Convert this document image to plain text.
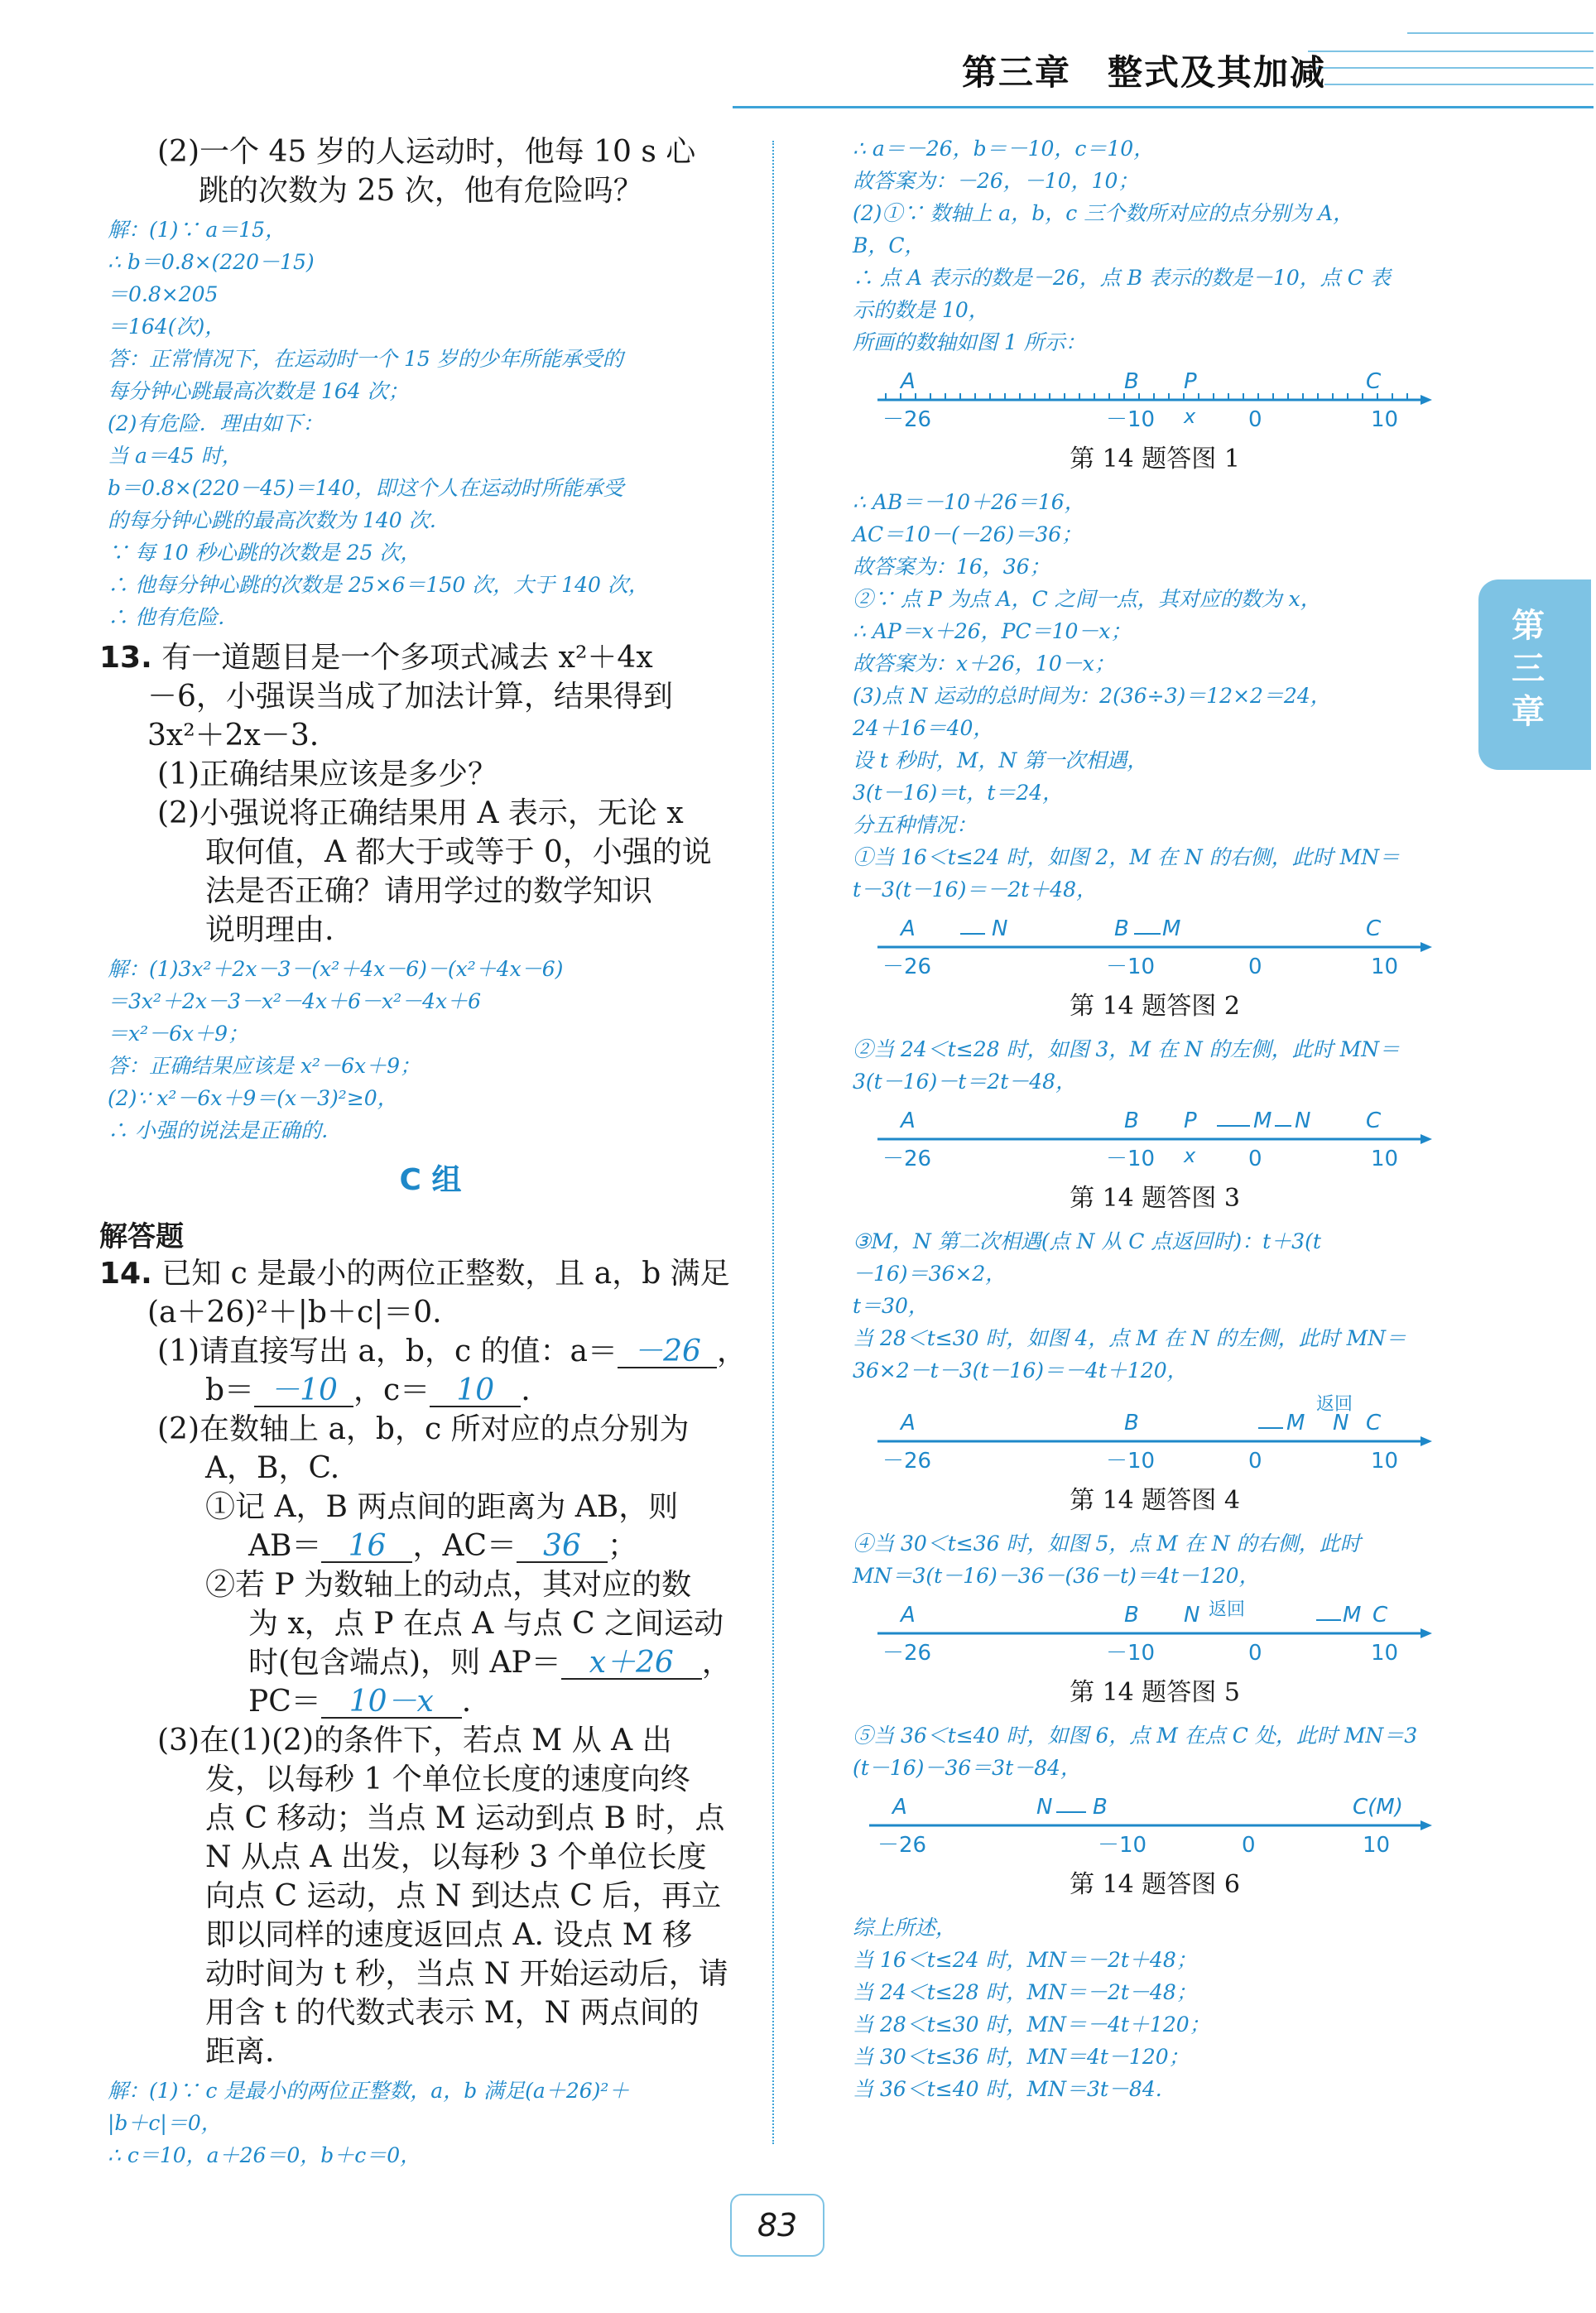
第三章　整式及其加减

(2)一个 45 岁的人运动时，他每 10 s 心

跳的次数为 25 次，他有危险吗？

解：(1)∵ a＝15，

∴ b＝0.8×(220－15)

＝0.8×205

＝164(次)，

答：正常情况下，在运动时一个 15 岁的少年所能承受的

每分钟心跳最高次数是 164 次；

(2)有危险．理由如下：

当 a＝45 时，

b＝0.8×(220－45)＝140，即这个人在运动时所能承受

的每分钟心跳的最高次数为 140 次．

∵ 每 10 秒心跳的次数是 25 次，

∴ 他每分钟心跳的次数是 25×6＝150 次，大于 140 次，

∴ 他有危险．

13. 有一道题目是一个多项式减去 x²＋4x

－6，小强误当成了加法计算，结果得到

3x²＋2x－3.

(1)正确结果应该是多少？

(2)小强说将正确结果用 A 表示，无论 x

取何值，A 都大于或等于 0，小强的说

法是否正确？请用学过的数学知识

说明理由.

解：(1)3x²＋2x－3－(x²＋4x－6)－(x²＋4x－6)

＝3x²＋2x－3－x²－4x＋6－x²－4x＋6

＝x²－6x＋9；

答：正确结果应该是 x²－6x＋9；

(2)∵ x²－6x＋9＝(x－3)²≥0，

∴ 小强的说法是正确的．

C 组

解答题

14. 已知 c 是最小的两位正整数，且 a，b 满足

(a＋26)²＋|b＋c|＝0.

(1)请直接写出 a，b，c 的值：a＝ －26 ，

b＝ －10 ，c＝ 10 .

(2)在数轴上 a，b，c 所对应的点分别为

A，B，C.

①记 A，B 两点间的距离为 AB，则

AB＝ 16 ，AC＝ 36 ；

②若 P 为数轴上的动点，其对应的数

为 x，点 P 在点 A 与点 C 之间运动

时(包含端点)，则 AP＝ x＋26 ，

PC＝ 10－x .

(3)在(1)(2)的条件下，若点 M 从 A 出

发，以每秒 1 个单位长度的速度向终

点 C 移动；当点 M 运动到点 B 时，点

N 从点 A 出发，以每秒 3 个单位长度

向点 C 运动，点 N 到达点 C 后，再立

即以同样的速度返回点 A. 设点 M 移

动时间为 t 秒，当点 N 开始运动后，请

用含 t 的代数式表示 M，N 两点间的

距离.

解：(1)∵ c 是最小的两位正整数，a，b 满足(a＋26)²＋

|b＋c|＝0，

∴ c＝10，a＋26＝0，b＋c＝0，

∴ a＝－26，b＝－10，c＝10，

故答案为：－26，－10，10；

(2)①∵ 数轴上 a，b，c 三个数所对应的点分别为 A，

B，C，

∴ 点 A 表示的数是－26，点 B 表示的数是－10，点 C 表

示的数是 10，

所画的数轴如图 1 所示：

A	B P	C
－26	－10 x 0	10
第 14 题答图 1

∴ AB＝－10＋26＝16，

AC＝10－(－26)＝36；

故答案为：16，36；

②∵ 点 P 为点 A，C 之间一点，其对应的数为 x，

∴ AP＝x＋26，PC＝10－x；

故答案为：x＋26，10－x；

(3)点 N 运动的总时间为：2(36÷3)＝12×2＝24，

24＋16＝40，

设 t 秒时，M，N 第一次相遇，

3(t－16)＝t，t＝24，

分五种情况：

①当 16＜t≤24 时，如图 2，M 在 N 的右侧，此时 MN＝

t－3(t－16)＝－2t＋48，

A	N	B M	C
－26	－10	0	10
第 14 题答图 2

②当 24＜t≤28 时，如图 3，M 在 N 的左侧，此时 MN＝

3(t－16)－t＝2t－48，

A	B P	M N	C
－26	－10 x 0	10
第 14 题答图 3

③M，N 第二次相遇(点 N 从 C 点返回时)：t＋3(t

－16)＝36×2，

t＝30，

当 28＜t≤30 时，如图 4，点 M 在 N 的左侧，此时 MN＝

36×2－t－3(t－16)＝－4t＋120，

返回
A	B	M N C
－26	－10	0	10
第 14 题答图 4

④当 30＜t≤36 时，如图 5，点 M 在 N 的右侧，此时

MN＝3(t－16)－36－(36－t)＝4t－120，

A	B N 返回	M C
－26	－10	0	10
第 14 题答图 5

⑤当 36＜t≤40 时，如图 6，点 M 在点 C 处，此时 MN＝3

(t－16)－36＝3t－84，

A	N B	C(M)
－26	－10	0	10
第 14 题答图 6

综上所述，

当 16＜t≤24 时，MN＝－2t＋48；

当 24＜t≤28 时，MN＝－2t－48；

当 28＜t≤30 时，MN＝－4t＋120；

当 30＜t≤36 时，MN＝4t－120；

当 36＜t≤40 时，MN＝3t－84.

第三章
83
